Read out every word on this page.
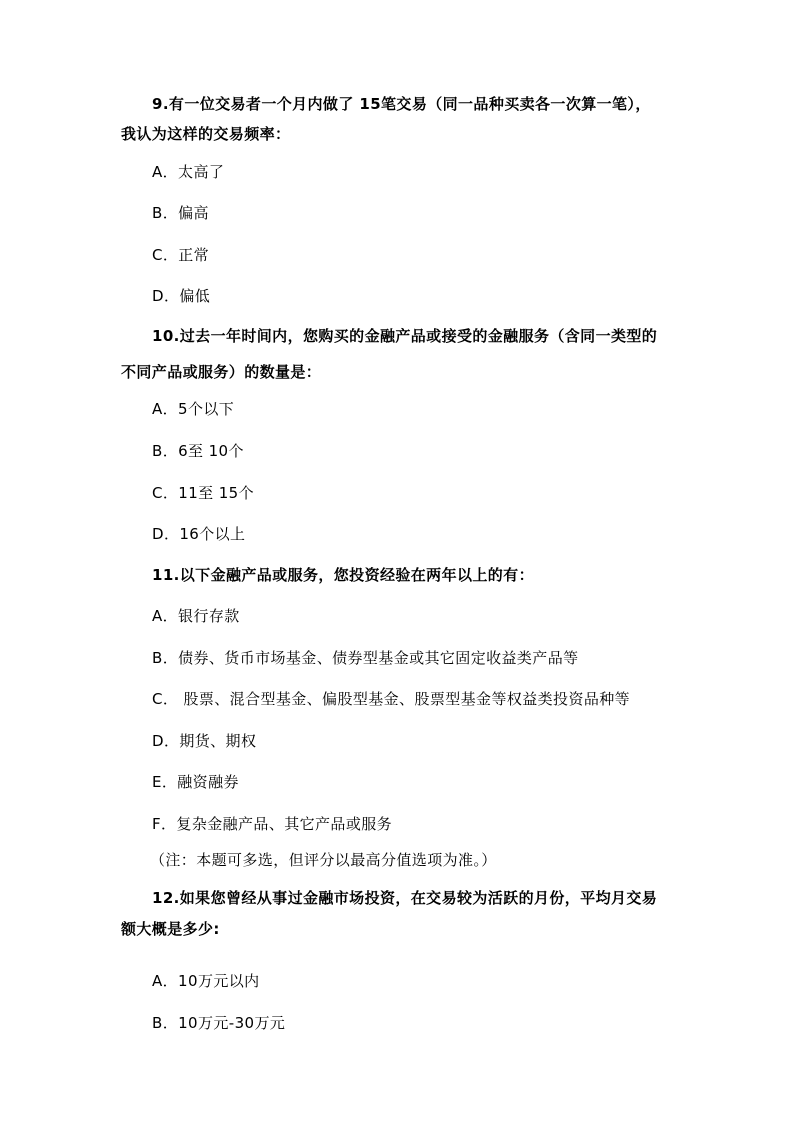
9.有一位交易者一个月内做了 15笔交易（同一品种买卖各一次算一笔），
我认为这样的交易频率：
A．太高了
B．偏高
C．正常
D．偏低
10.过去一年时间内，您购买的金融产品或接受的金融服务（含同一类型的
不同产品或服务）的数量是：
A．5个以下
B．6至 10个
C．11至 15个
D．16个以上
11.以下金融产品或服务，您投资经验在两年以上的有：
A．银行存款
B．债券、货币市场基金、债券型基金或其它固定收益类产品等
C． 股票、混合型基金、偏股型基金、股票型基金等权益类投资品种等
D．期货、期权
E．融资融券
F．复杂金融产品、其它产品或服务
（注：本题可多选，但评分以最高分值选项为准。）
12.如果您曾经从事过金融市场投资，在交易较为活跃的月份，平均月交易
额大概是多少:
A．10万元以内
B．10万元-30万元
